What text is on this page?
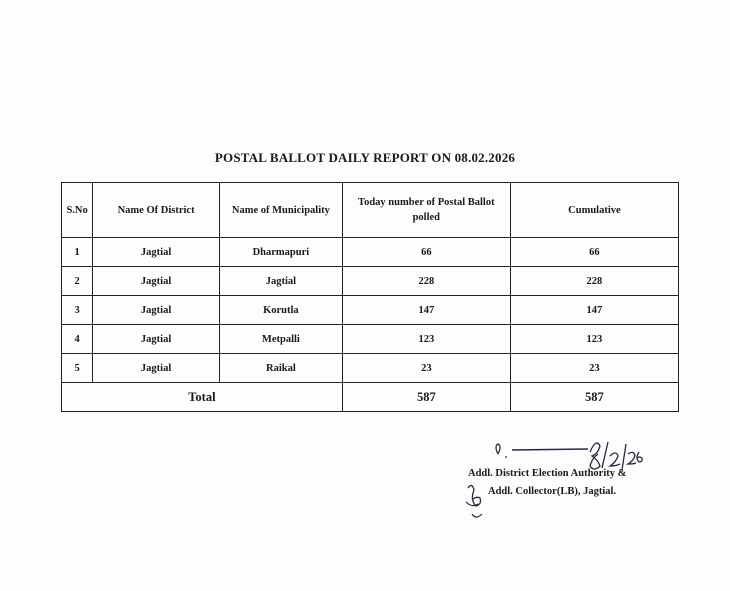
POSTAL BALLOT DAILY REPORT ON 08.02.2026
S.No	Name Of District	Name of Municipality	Today number of Postal Ballot polled	Cumulative
1	Jagtial	Dharmapuri	66	66
2	Jagtial	Jagtial	228	228
3	Jagtial	Korutla	147	147
4	Jagtial	Metpalli	123	123
5	Jagtial	Raikal	23	23
Total			587	587
Addl. District Election Authority &
Addl. Collector(LB), Jagtial.
